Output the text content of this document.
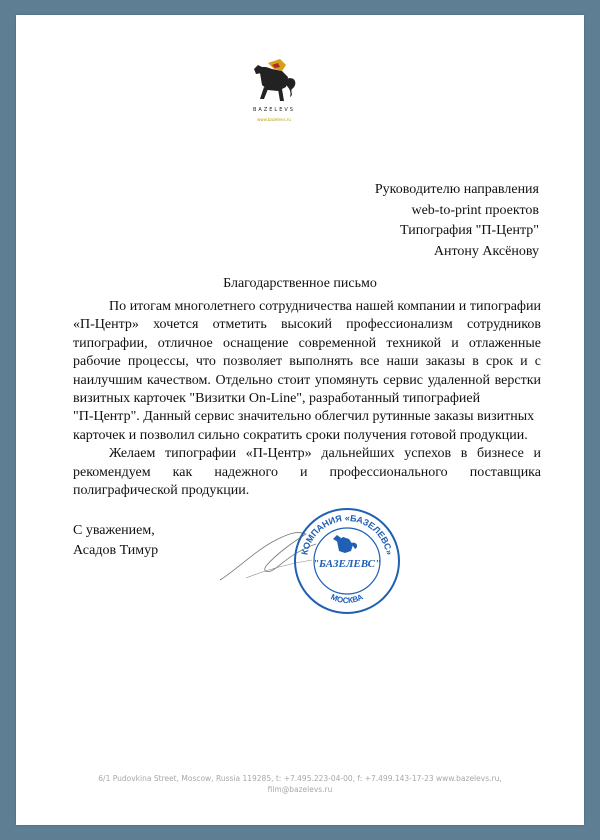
BAZELEVS
www.bazelevs.ru
Руководителю направления
web-to-print проектов
Типография "П-Центр"
Антону Аксёнову
Благодарственное письмо

По итогам многолетнего сотрудничества нашей компании и типографии «П-Центр» хочется отметить высокий профессионализм сотрудников типографии, отличное оснащение современной техникой и отлаженные рабочие процессы, что позволяет выполнять все наши заказы в срок и с наилучшим качеством. Отдельно стоит упомянуть сервис удаленной верстки визитных карточек "Визитки On-Line", разработанный типографией

"П-Центр". Данный сервис значительно облегчил рутинные заказы визитных карточек и позволил сильно сократить сроки получения готовой продукции.

Желаем типографии «П-Центр» дальнейших успехов в бизнесе и рекомендуем как надежного и профессионального поставщика полиграфической продукции.

С уважением,
Асадов Тимур	КОМПАНИЯ «БАЗЕЛЕВС»
МОСКВА
"БАЗЕЛЕВС"
6/1 Pudovkina Street, Moscow, Russia 119285, t: +7.495.223-04-00, f: +7.499.143-17-23 www.bazelevs.ru,
film@bazelevs.ru
